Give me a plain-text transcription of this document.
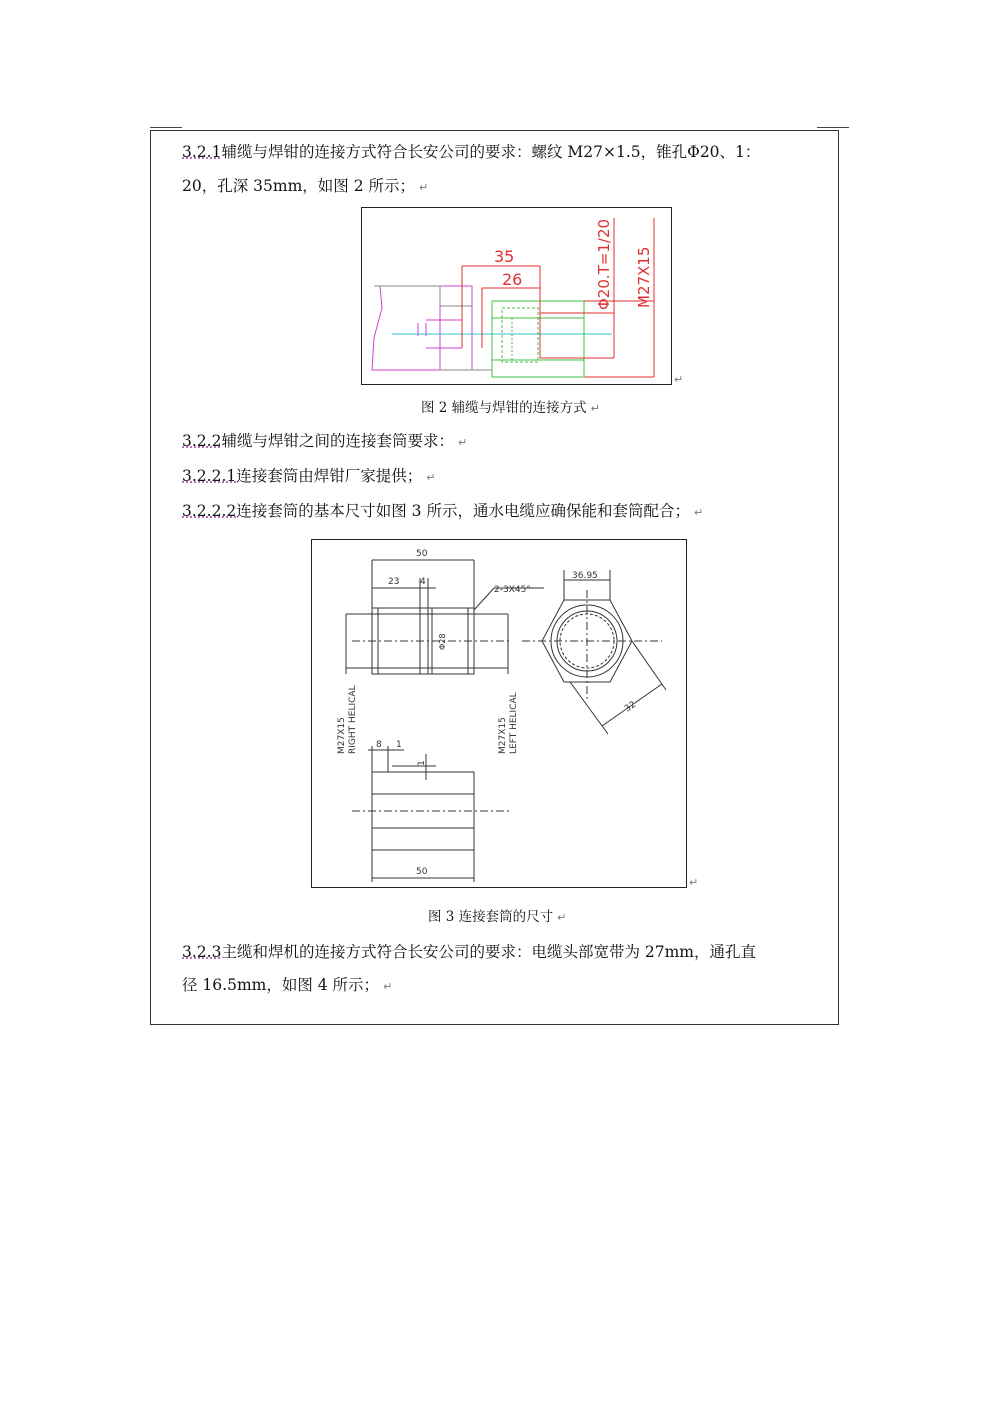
3.2.1辅缆与焊钳的连接方式符合长安公司的要求：螺纹 M27×1.5，锥孔Φ20、1：
20，孔深 35mm，如图 2 所示； ↵
35
26	Φ20.T=1/20 M27X15
↵
图 2 辅缆与焊钳的连接方式 ↵
3.2.2辅缆与焊钳之间的连接套筒要求： ↵
3.2.2.1连接套筒由焊钳厂家提供； ↵
3.2.2.2连接套筒的基本尺寸如图 3 所示，通水电缆应确保能和套筒配合； ↵
50
23 4
2-3X45°
Φ28
36.95
32
M27X15 RIGHT HELICAL	M27X15 LEFT HELICAL
8 1
1
50
↵
图 3 连接套筒的尺寸 ↵
3.2.3主缆和焊机的连接方式符合长安公司的要求：电缆头部宽带为 27mm，通孔直
径 16.5mm，如图 4 所示； ↵
